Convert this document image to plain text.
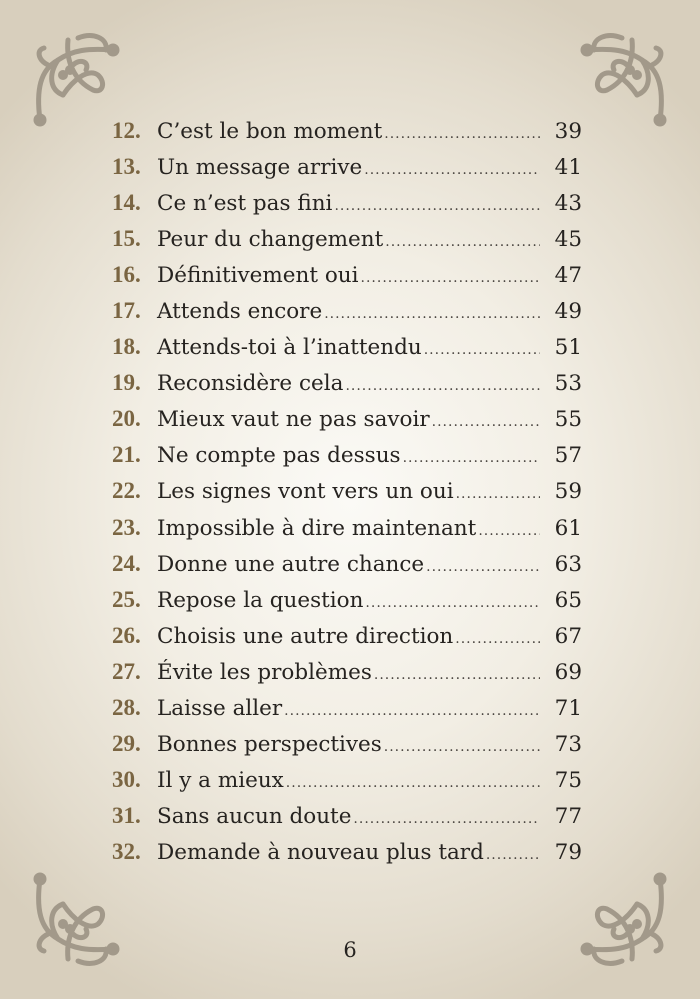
12. C’est le bon moment .....	39
13. Un message arrive .....	41
14. Ce n’est pas fini .....	43
15. Peur du changement .....	45
16. Définitivement oui .....	47
17. Attends encore .....	49
18. Attends-toi à l’inattendu .....	51
19. Reconsidère cela .....	53
20. Mieux vaut ne pas savoir .....	55
21. Ne compte pas dessus .....	57
22. Les signes vont vers un oui .....	59
23. Impossible à dire maintenant .....	61
24. Donne une autre chance .....	63
25. Repose la question .....	65
26. Choisis une autre direction .....	67
27. Évite les problèmes .....	69
28. Laisse aller .....	71
29. Bonnes perspectives .....	73
30. Il y a mieux .....	75
31. Sans aucun doute .....	77
32. Demande à nouveau plus tard .....	79
6
